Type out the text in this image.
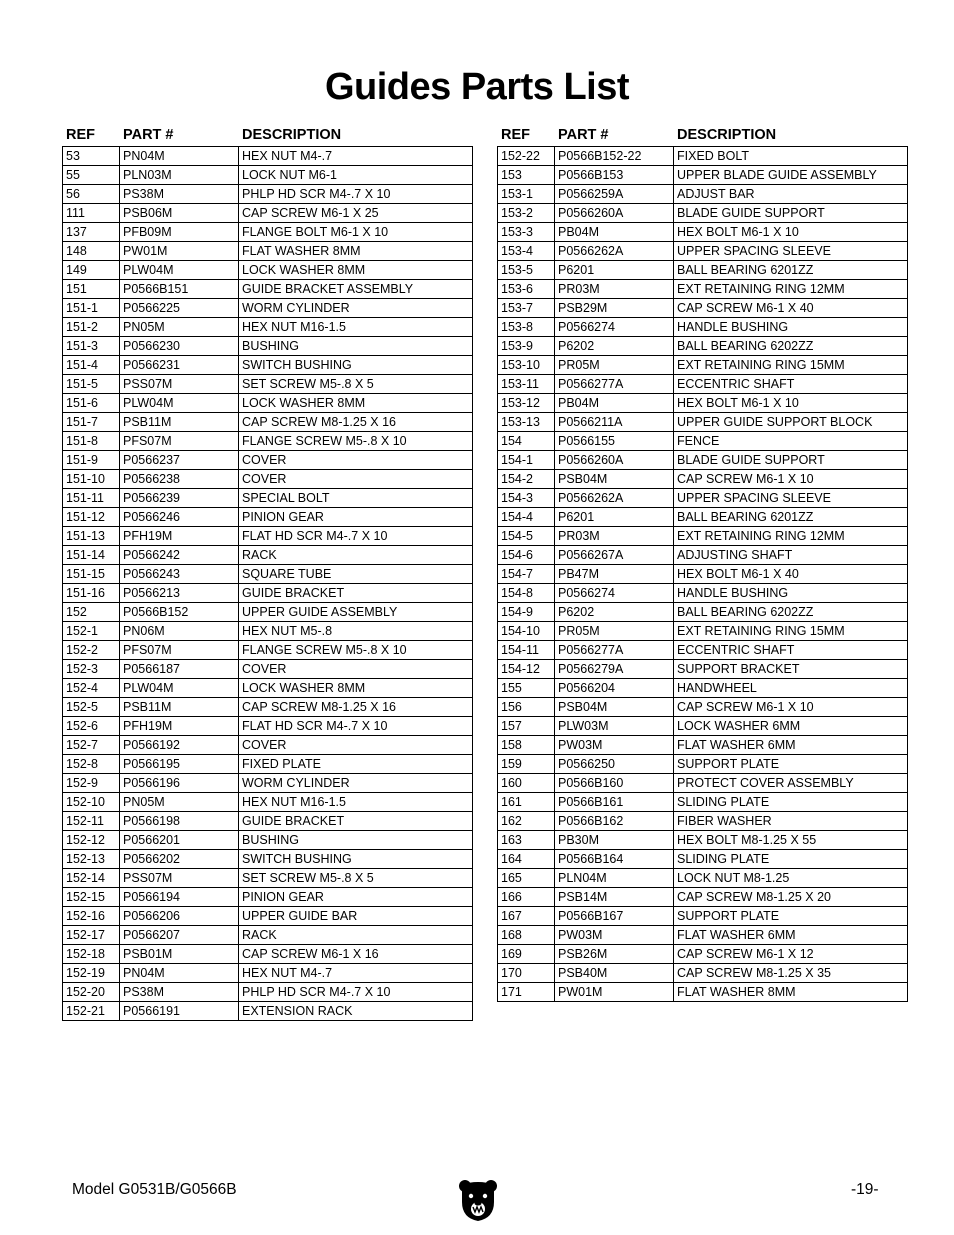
Guides Parts List
REF	PART #	DESCRIPTION
53	PN04M	HEX NUT M4-.7
55	PLN03M	LOCK NUT M6-1
56	PS38M	PHLP HD SCR M4-.7 X 10
111	PSB06M	CAP SCREW M6-1 X 25
137	PFB09M	FLANGE BOLT M6-1 X 10
148	PW01M	FLAT WASHER 8MM
149	PLW04M	LOCK WASHER 8MM
151	P0566B151	GUIDE BRACKET ASSEMBLY
151-1	P0566225	WORM CYLINDER
151-2	PN05M	HEX NUT M16-1.5
151-3	P0566230	BUSHING
151-4	P0566231	SWITCH BUSHING
151-5	PSS07M	SET SCREW M5-.8 X 5
151-6	PLW04M	LOCK WASHER 8MM
151-7	PSB11M	CAP SCREW M8-1.25 X 16
151-8	PFS07M	FLANGE SCREW M5-.8 X 10
151-9	P0566237	COVER
151-10	P0566238	COVER
151-11	P0566239	SPECIAL BOLT
151-12	P0566246	PINION GEAR
151-13	PFH19M	FLAT HD SCR M4-.7 X 10
151-14	P0566242	RACK
151-15	P0566243	SQUARE TUBE
151-16	P0566213	GUIDE BRACKET
152	P0566B152	UPPER GUIDE ASSEMBLY
152-1	PN06M	HEX NUT M5-.8
152-2	PFS07M	FLANGE SCREW M5-.8 X 10
152-3	P0566187	COVER
152-4	PLW04M	LOCK WASHER 8MM
152-5	PSB11M	CAP SCREW M8-1.25 X 16
152-6	PFH19M	FLAT HD SCR M4-.7 X 10
152-7	P0566192	COVER
152-8	P0566195	FIXED PLATE
152-9	P0566196	WORM CYLINDER
152-10	PN05M	HEX NUT M16-1.5
152-11	P0566198	GUIDE BRACKET
152-12	P0566201	BUSHING
152-13	P0566202	SWITCH BUSHING
152-14	PSS07M	SET SCREW M5-.8 X 5
152-15	P0566194	PINION GEAR
152-16	P0566206	UPPER GUIDE BAR
152-17	P0566207	RACK
152-18	PSB01M	CAP SCREW M6-1 X 16
152-19	PN04M	HEX NUT M4-.7
152-20	PS38M	PHLP HD SCR M4-.7 X 10
152-21	P0566191	EXTENSION RACK
REF	PART #	DESCRIPTION
152-22	P0566B152-22	FIXED BOLT
153	P0566B153	UPPER BLADE GUIDE ASSEMBLY
153-1	P0566259A	ADJUST BAR
153-2	P0566260A	BLADE GUIDE SUPPORT
153-3	PB04M	HEX BOLT M6-1 X 10
153-4	P0566262A	UPPER SPACING SLEEVE
153-5	P6201	BALL BEARING 6201ZZ
153-6	PR03M	EXT RETAINING RING 12MM
153-7	PSB29M	CAP SCREW M6-1 X 40
153-8	P0566274	HANDLE BUSHING
153-9	P6202	BALL BEARING 6202ZZ
153-10	PR05M	EXT RETAINING RING 15MM
153-11	P0566277A	ECCENTRIC SHAFT
153-12	PB04M	HEX BOLT M6-1 X 10
153-13	P0566211A	UPPER GUIDE SUPPORT BLOCK
154	P0566155	FENCE
154-1	P0566260A	BLADE GUIDE SUPPORT
154-2	PSB04M	CAP SCREW M6-1 X 10
154-3	P0566262A	UPPER SPACING SLEEVE
154-4	P6201	BALL BEARING 6201ZZ
154-5	PR03M	EXT RETAINING RING 12MM
154-6	P0566267A	ADJUSTING SHAFT
154-7	PB47M	HEX BOLT M6-1 X 40
154-8	P0566274	HANDLE BUSHING
154-9	P6202	BALL BEARING 6202ZZ
154-10	PR05M	EXT RETAINING RING 15MM
154-11	P0566277A	ECCENTRIC SHAFT
154-12	P0566279A	SUPPORT BRACKET
155	P0566204	HANDWHEEL
156	PSB04M	CAP SCREW M6-1 X 10
157	PLW03M	LOCK WASHER 6MM
158	PW03M	FLAT WASHER 6MM
159	P0566250	SUPPORT PLATE
160	P0566B160	PROTECT COVER ASSEMBLY
161	P0566B161	SLIDING PLATE
162	P0566B162	FIBER WASHER
163	PB30M	HEX BOLT M8-1.25 X 55
164	P0566B164	SLIDING PLATE
165	PLN04M	LOCK NUT M8-1.25
166	PSB14M	CAP SCREW M8-1.25 X 20
167	P0566B167	SUPPORT PLATE
168	PW03M	FLAT WASHER 6MM
169	PSB26M	CAP SCREW M6-1 X 12
170	PSB40M	CAP SCREW M8-1.25 X 35
171	PW01M	FLAT WASHER 8MM
Model G0531B/G0566B	-19-
